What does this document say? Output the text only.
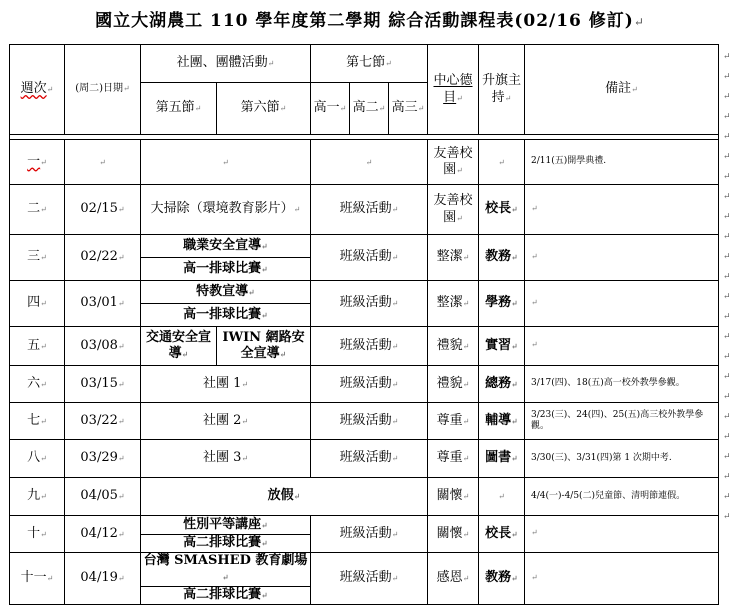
國立大湖農工 110 學年度第二學期 綜合活動課程表(02/16 修訂)↵
↵
↵
↵
↵
↵
↵
↵
↵
↵
↵
↵
↵
↵
↵
↵
↵
↵
↵
↵
↵
↵
↵
↵
↵
週次↵	(周二)日期↵	社團、團體活動↵		第七節↵			中心德目↵	升旗主持↵	備註↵
		第五節↵	第六節↵	高一↵	高二↵	高三↵			

一↵	↵	↵		↵			友善校園↵	↵	2/11(五)開學典禮.
二↵	02/15↵	大掃除（環境教育影片）↵		班級活動↵			友善校園↵	校長↵	↵
三↵	02/22↵	職業安全宣導↵		班級活動↵			整潔↵	教務↵	↵
		高一排球比賽↵							
四↵	03/01↵	特教宣導↵		班級活動↵			整潔↵	學務↵	↵
		高一排球比賽↵							
五↵	03/08↵	交通安全宣導↵	IWIN 網路安全宣導↵	班級活動↵			禮貌↵	實習↵	↵
六↵	03/15↵	社團 1↵		班級活動↵			禮貌↵	總務↵	3/17(四)、18(五)高一校外教學參觀。
七↵	03/22↵	社團 2↵		班級活動↵			尊重↵	輔導↵	3/23(三)、24(四)、25(五)高三校外教學參觀。
八↵	03/29↵	社團 3↵		班級活動↵			尊重↵	圖書↵	3/30(三)、3/31(四)第 1 次期中考.
九↵	04/05↵	放假↵					關懷↵	↵	4/4(一)-4/5(二)兒童節、清明節連假。
十↵	04/12↵	性別平等講座↵		班級活動↵			關懷↵	校長↵	↵
		高二排球比賽↵							
十一↵	04/19↵	台灣 SMASHED 教育劇場↵		班級活動↵			感恩↵	教務↵	↵
		高二排球比賽↵							
